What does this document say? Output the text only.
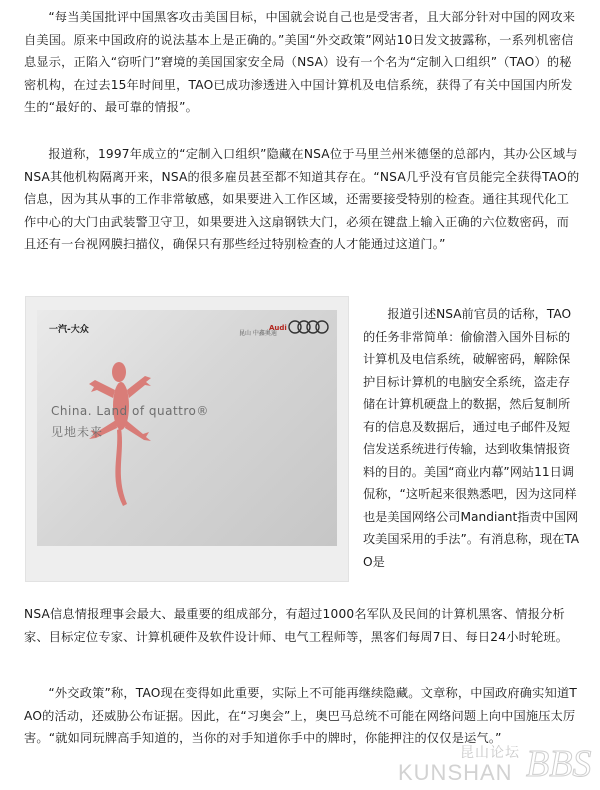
“每当美国批评中国黑客攻击美国目标，中国就会说自己也是受害者，且大部分针对中国的网攻来自美国。原来中国政府的说法基本上是正确的。”美国“外交政策”网站10日发文披露称，一系列机密信息显示，正陷入“窃听门”窘境的美国国家安全局（NSA）设有一个名为“定制入口组织”（TAO）的秘密机构，在过去15年时间里，TAO已成功渗透进入中国计算机及电信系统，获得了有关中国国内所发生的“最好的、最可靠的情报”。

报道称，1997年成立的“定制入口组织”隐藏在NSA位于马里兰州米德堡的总部内，其办公区域与NSA其他机构隔离开来，NSA的很多雇员甚至都不知道其存在。“NSA几乎没有官员能完全获得TAO的信息，因为其从事的工作非常敏感，如果要进入工作区域，还需要接受特别的检查。通往其现代化工作中心的大门由武装警卫守卫，如果要进入这扇钢铁大门，必须在键盘上输入正确的六位数密码，而且还有一台视网膜扫描仪，确保只有那些经过特别检查的人才能通过这道门。”

一汽-大众	昆山 中鑫奥迪
Audi
China. Land of quattro®
见地未来

报道引述NSA前官员的话称，TAO的任务非常简单：偷偷潜入国外目标的计算机及电信系统，破解密码，解除保护目标计算机的电脑安全系统，盗走存储在计算机硬盘上的数据，然后复制所有的信息及数据后，通过电子邮件及短信发送系统进行传输，达到收集情报资料的目的。美国“商业内幕”网站11日调侃称，“这听起来很熟悉吧，因为这同样也是美国网络公司Mandiant指责中国网攻美国采用的手法”。有消息称，现在TAO是

NSA信息情报理事会最大、最重要的组成部分，有超过1000名军队及民间的计算机黑客、情报分析家、目标定位专家、计算机硬件及软件设计师、电气工程师等，黑客们每周7日、每日24小时轮班。

“外交政策”称，TAO现在变得如此重要，实际上不可能再继续隐藏。文章称，中国政府确实知道TAO的活动，还威胁公布证据。因此，在“习奥会”上，奥巴马总统不可能在网络问题上向中国施压太厉害。“就如同玩牌高手知道的，当你的对手知道你手中的牌时，你能押注的仅仅是运气。”

昆山论坛
KUNSHAN BBS
